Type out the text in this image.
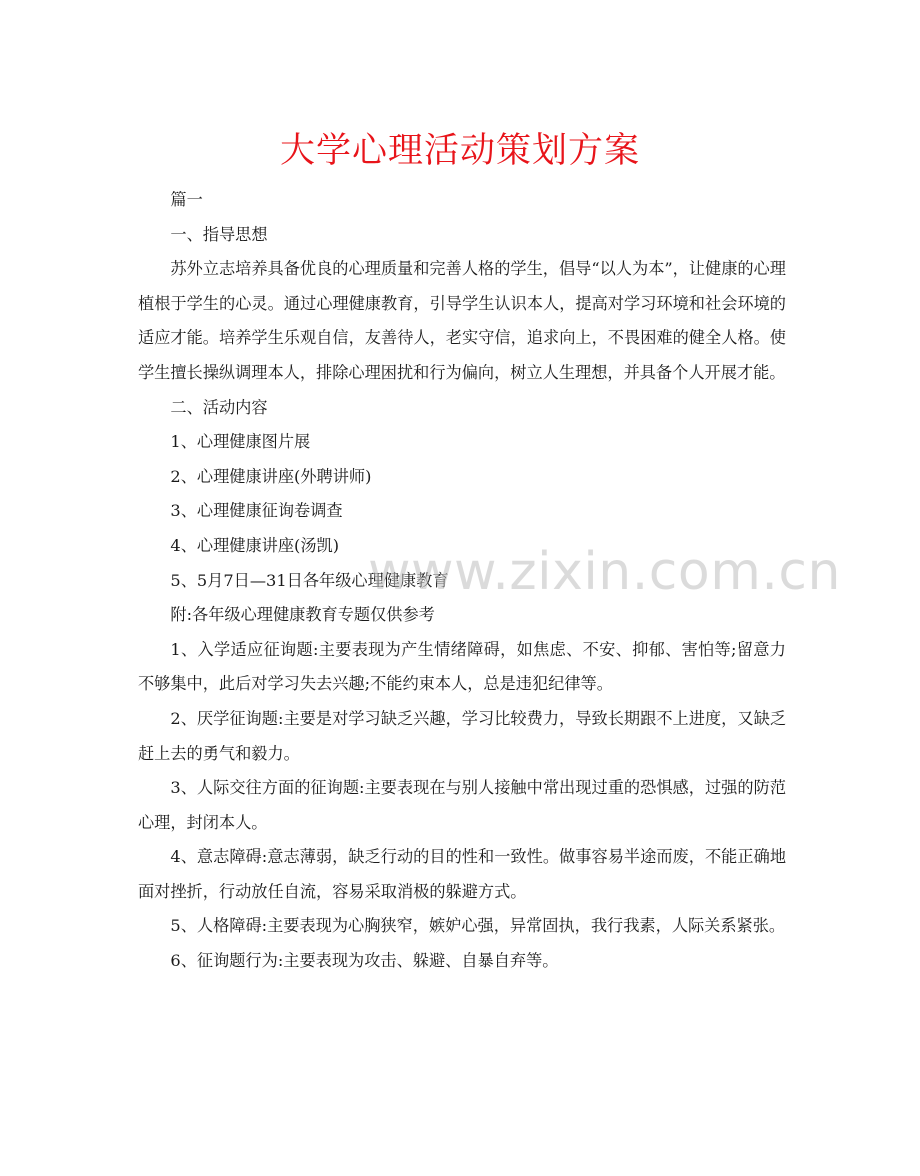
大学心理活动策划方案

篇一

一、指导思想

苏外立志培养具备优良的心理质量和完善人格的学生，倡导“以人为本”，让健康的心理植根于学生的心灵。通过心理健康教育，引导学生认识本人，提高对学习环境和社会环境的适应才能。培养学生乐观自信，友善待人，老实守信，追求向上，不畏困难的健全人格。使学生擅长操纵调理本人，排除心理困扰和行为偏向，树立人生理想，并具备个人开展才能。

二、活动内容

1、心理健康图片展

2、心理健康讲座(外聘讲师)

3、心理健康征询卷调查

4、心理健康讲座(汤凯)

5、5月7日—31日各年级心理健康教育

附:各年级心理健康教育专题仅供参考

1、入学适应征询题:主要表现为产生情绪障碍，如焦虑、不安、抑郁、害怕等;留意力不够集中，此后对学习失去兴趣;不能约束本人，总是违犯纪律等。

2、厌学征询题:主要是对学习缺乏兴趣，学习比较费力，导致长期跟不上进度，又缺乏赶上去的勇气和毅力。

3、人际交往方面的征询题:主要表现在与别人接触中常出现过重的恐惧感，过强的防范心理，封闭本人。

4、意志障碍:意志薄弱，缺乏行动的目的性和一致性。做事容易半途而废，不能正确地面对挫折，行动放任自流，容易采取消极的躲避方式。

5、人格障碍:主要表现为心胸狭窄，嫉妒心强，异常固执，我行我素，人际关系紧张。

6、征询题行为:主要表现为攻击、躲避、自暴自弃等。

www.zixin.com.cn
